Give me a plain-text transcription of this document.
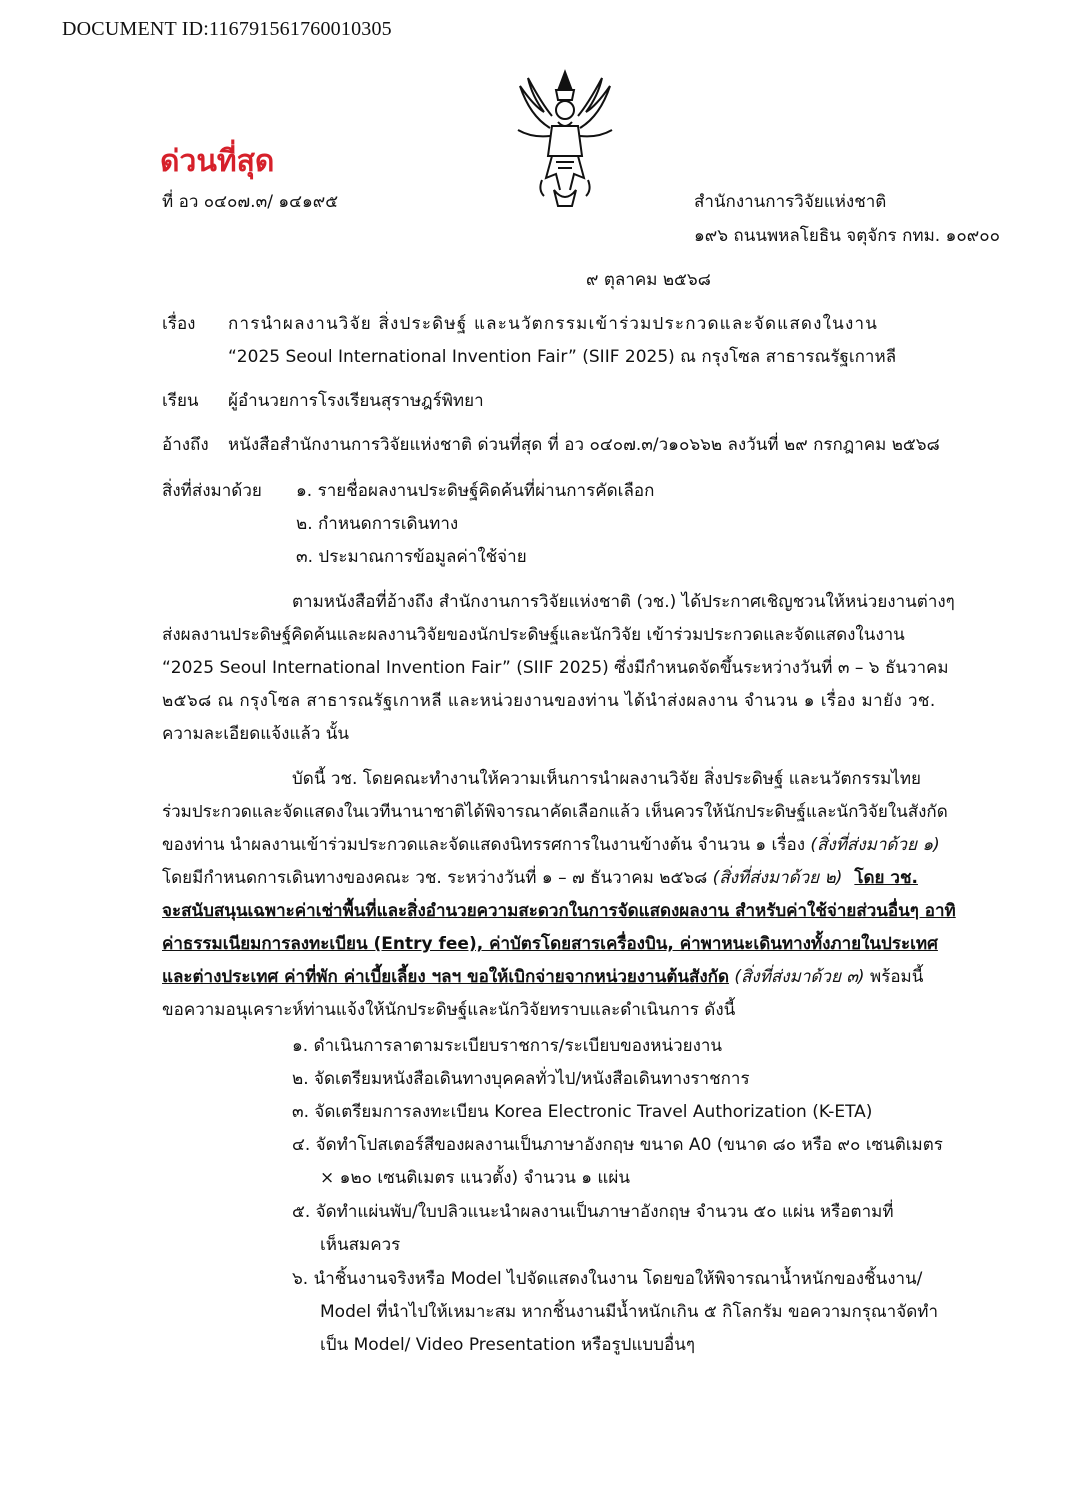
DOCUMENT ID:116791561760010305
ด่วนที่สุด
ที่ อว ๐๔๐๗.๓/ ๑๔๑๙๕	สำนักงานการวิจัยแห่งชาติ
๑๙๖ ถนนพหลโยธิน จตุจักร กทม. ๑๐๙๐๐
๙ ตุลาคม ๒๕๖๘
เรื่อง การนำผลงานวิจัย สิ่งประดิษฐ์ และนวัตกรรมเข้าร่วมประกวดและจัดแสดงในงาน
“2025 Seoul International Invention Fair” (SIIF 2025) ณ กรุงโซล สาธารณรัฐเกาหลี
เรียน ผู้อำนวยการโรงเรียนสุราษฎร์พิทยา
อ้างถึง หนังสือสำนักงานการวิจัยแห่งชาติ ด่วนที่สุด ที่ อว ๐๔๐๗.๓/ว๑๐๖๖๒ ลงวันที่ ๒๙ กรกฎาคม ๒๕๖๘
สิ่งที่ส่งมาด้วย ๑. รายชื่อผลงานประดิษฐ์คิดค้นที่ผ่านการคัดเลือก
๒. กำหนดการเดินทาง
๓. ประมาณการข้อมูลค่าใช้จ่าย
ตามหนังสือที่อ้างถึง สำนักงานการวิจัยแห่งชาติ (วช.) ได้ประกาศเชิญชวนให้หน่วยงานต่างๆ
ส่งผลงานประดิษฐ์คิดค้นและผลงานวิจัยของนักประดิษฐ์และนักวิจัย เข้าร่วมประกวดและจัดแสดงในงาน
“2025 Seoul International Invention Fair” (SIIF 2025) ซึ่งมีกำหนดจัดขึ้นระหว่างวันที่ ๓ – ๖ ธันวาคม
๒๕๖๘ ณ กรุงโซล สาธารณรัฐเกาหลี และหน่วยงานของท่าน ได้นำส่งผลงาน จำนวน ๑ เรื่อง มายัง วช.
ความละเอียดแจ้งแล้ว นั้น
บัดนี้ วช. โดยคณะทำงานให้ความเห็นการนำผลงานวิจัย สิ่งประดิษฐ์ และนวัตกรรมไทย
ร่วมประกวดและจัดแสดงในเวทีนานาชาติได้พิจารณาคัดเลือกแล้ว เห็นควรให้นักประดิษฐ์และนักวิจัยในสังกัด
ของท่าน นำผลงานเข้าร่วมประกวดและจัดแสดงนิทรรศการในงานข้างต้น จำนวน ๑ เรื่อง (สิ่งที่ส่งมาด้วย ๑)
โดยมีกำหนดการเดินทางของคณะ วช. ระหว่างวันที่ ๑ – ๗ ธันวาคม ๒๕๖๘ (สิ่งที่ส่งมาด้วย ๒) โดย วช.
จะสนับสนุนเฉพาะค่าเช่าพื้นที่และสิ่งอำนวยความสะดวกในการจัดแสดงผลงาน สำหรับค่าใช้จ่ายส่วนอื่นๆ อาทิ
ค่าธรรมเนียมการลงทะเบียน (Entry fee), ค่าบัตรโดยสารเครื่องบิน, ค่าพาหนะเดินทางทั้งภายในประเทศ
และต่างประเทศ ค่าที่พัก ค่าเบี้ยเลี้ยง ฯลฯ ขอให้เบิกจ่ายจากหน่วยงานต้นสังกัด (สิ่งที่ส่งมาด้วย ๓) พร้อมนี้
ขอความอนุเคราะห์ท่านแจ้งให้นักประดิษฐ์และนักวิจัยทราบและดำเนินการ ดังนี้
๑. ดำเนินการลาตามระเบียบราชการ/ระเบียบของหน่วยงาน
๒. จัดเตรียมหนังสือเดินทางบุคคลทั่วไป/หนังสือเดินทางราชการ
๓. จัดเตรียมการลงทะเบียน Korea Electronic Travel Authorization (K-ETA)
๔. จัดทำโปสเตอร์สีของผลงานเป็นภาษาอังกฤษ ขนาด A0 (ขนาด ๘๐ หรือ ๙๐ เซนติเมตร
× ๑๒๐ เซนติเมตร แนวตั้ง) จำนวน ๑ แผ่น
๕. จัดทำแผ่นพับ/ใบปลิวแนะนำผลงานเป็นภาษาอังกฤษ จำนวน ๕๐ แผ่น หรือตามที่
เห็นสมควร
๖. นำชิ้นงานจริงหรือ Model ไปจัดแสดงในงาน โดยขอให้พิจารณาน้ำหนักของชิ้นงาน/
Model ที่นำไปให้เหมาะสม หากชิ้นงานมีน้ำหนักเกิน ๕ กิโลกรัม ขอความกรุณาจัดทำ
เป็น Model/ Video Presentation หรือรูปแบบอื่นๆ
